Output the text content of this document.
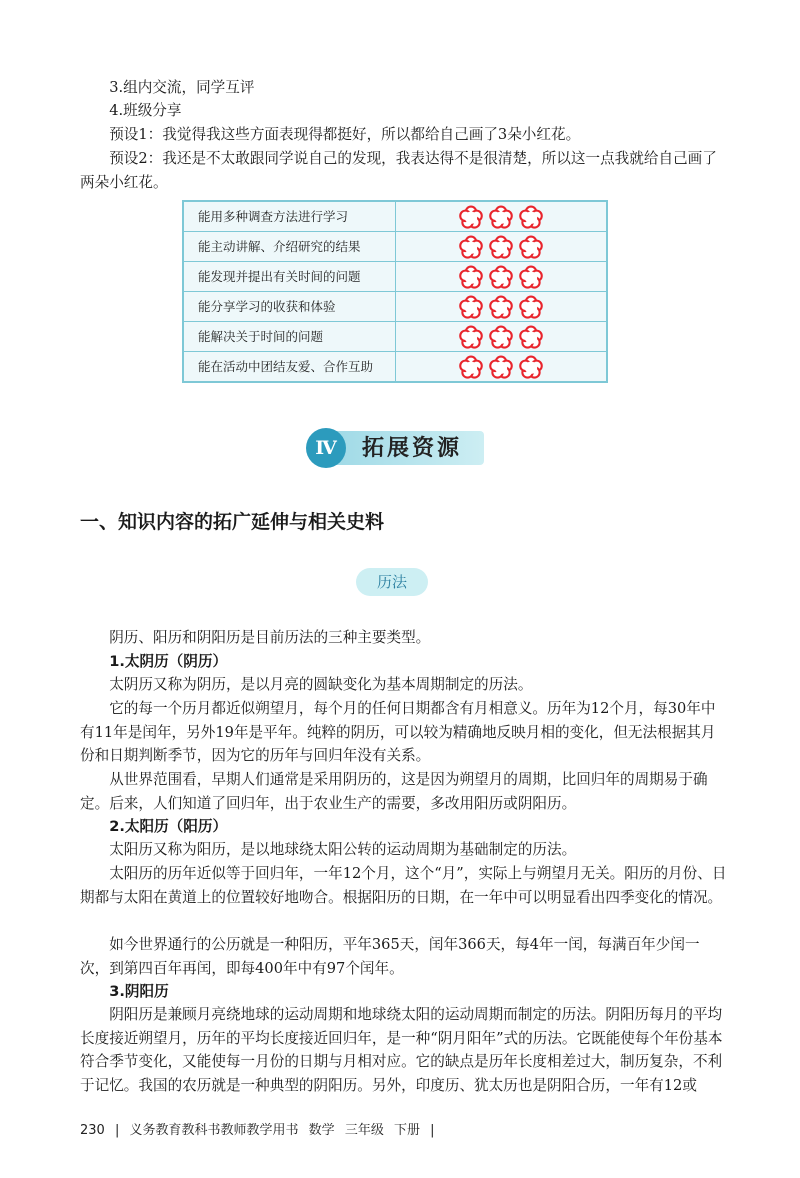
3.组内交流，同学互评

4.班级分享

预设1：我觉得我这些方面表现得都挺好，所以都给自己画了3朵小红花。

预设2：我还是不太敢跟同学说自己的发现，我表达得不是很清楚，所以这一点我就给自己画了两朵小红花。

能用多种调查方法进行学习
能主动讲解、介绍研究的结果
能发现并提出有关时间的问题
能分享学习的收获和体验
能解决关于时间的问题
能在活动中团结友爱、合作互助
Ⅳ	拓展资源
一、知识内容的拓广延伸与相关史料
历法

阴历、阳历和阴阳历是目前历法的三种主要类型。

1.太阴历（阴历）

太阴历又称为阴历，是以月亮的圆缺变化为基本周期制定的历法。

它的每一个历月都近似朔望月，每个月的任何日期都含有月相意义。历年为12个月，每30年中有11年是闰年，另外19年是平年。纯粹的阴历，可以较为精确地反映月相的变化，但无法根据其月份和日期判断季节，因为它的历年与回归年没有关系。

从世界范围看，早期人们通常是采用阴历的，这是因为朔望月的周期，比回归年的周期易于确定。后来，人们知道了回归年，出于农业生产的需要，多改用阳历或阴阳历。

2.太阳历（阳历）

太阳历又称为阳历，是以地球绕太阳公转的运动周期为基础制定的历法。

太阳历的历年近似等于回归年，一年12个月，这个“月”，实际上与朔望月无关。阳历的月份、日期都与太阳在黄道上的位置较好地吻合。根据阳历的日期，在一年中可以明显看出四季变化的情况。

如今世界通行的公历就是一种阳历，平年365天，闰年366天，每4年一闰，每满百年少闰一次，到第四百年再闰，即每400年中有97个闰年。

3.阴阳历

阴阳历是兼顾月亮绕地球的运动周期和地球绕太阳的运动周期而制定的历法。阴阳历每月的平均长度接近朔望月，历年的平均长度接近回归年，是一种“阴月阳年”式的历法。它既能使每个年份基本符合季节变化，又能使每一月份的日期与月相对应。它的缺点是历年长度相差过大，制历复杂，不利于记忆。我国的农历就是一种典型的阴阳历。另外，印度历、犹太历也是阴阳合历，一年有12或

230 | 义务教育教科书教师教学用书 数学 三年级 下册 |
